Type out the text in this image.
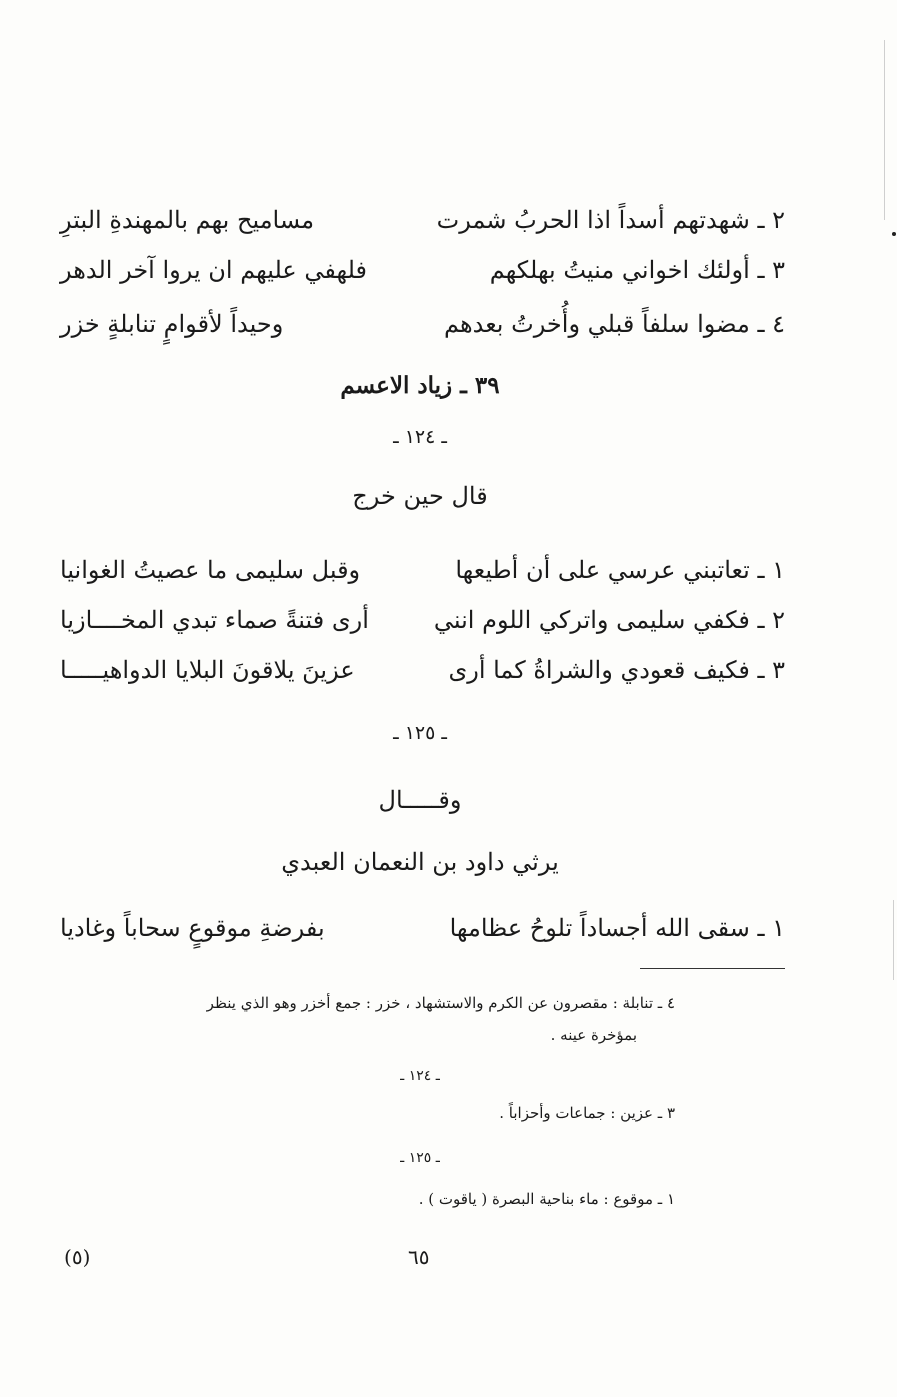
٢ ـ شهدتهم أسداً اذا الحربُ شمرت
مساميح بهم بالمهندةِ البترِ
٣ ـ أولئك اخواني منيتُ بهلكهم
فلهفي عليهم ان يروا آخر الدهر
٤ ـ مضوا سلفاً قبلي وأُخرتُ بعدهم
وحيداً لأقوامٍ تنابلةٍ خزر
٣٩ ـ زياد الاعسم
ـ ١٢٤ ـ
قال حين خرج
١ ـ تعاتبني عرسي على أن أطيعها
وقبل سليمى ما عصيتُ الغوانيا
٢ ـ فكفي سليمى واتركي اللوم انني
أرى فتنةً صماء تبدي المخــــازيا
٣ ـ فكيف قعودي والشراةُ كما أرى
عزينَ يلاقونَ البلايا الدواهيـــــا
ـ ١٢٥ ـ
وقـــــال
يرثي داود بن النعمان العبدي
١ ـ سقى الله أجساداً تلوحُ عظامها
بفرضةِ موقوعٍ سحاباً وغاديا
٤ ـ تنابلة : مقصرون عن الكرم والاستشهاد ، خزر : جمع أخزر وهو الذي ينظر
بمؤخرة عينه .
ـ ١٢٤ ـ
٣ ـ عزين : جماعات وأحزاباً .
ـ ١٢٥ ـ
١ ـ موقوع : ماء بناحية البصرة ( ياقوت ) .
(٥)	٦٥
